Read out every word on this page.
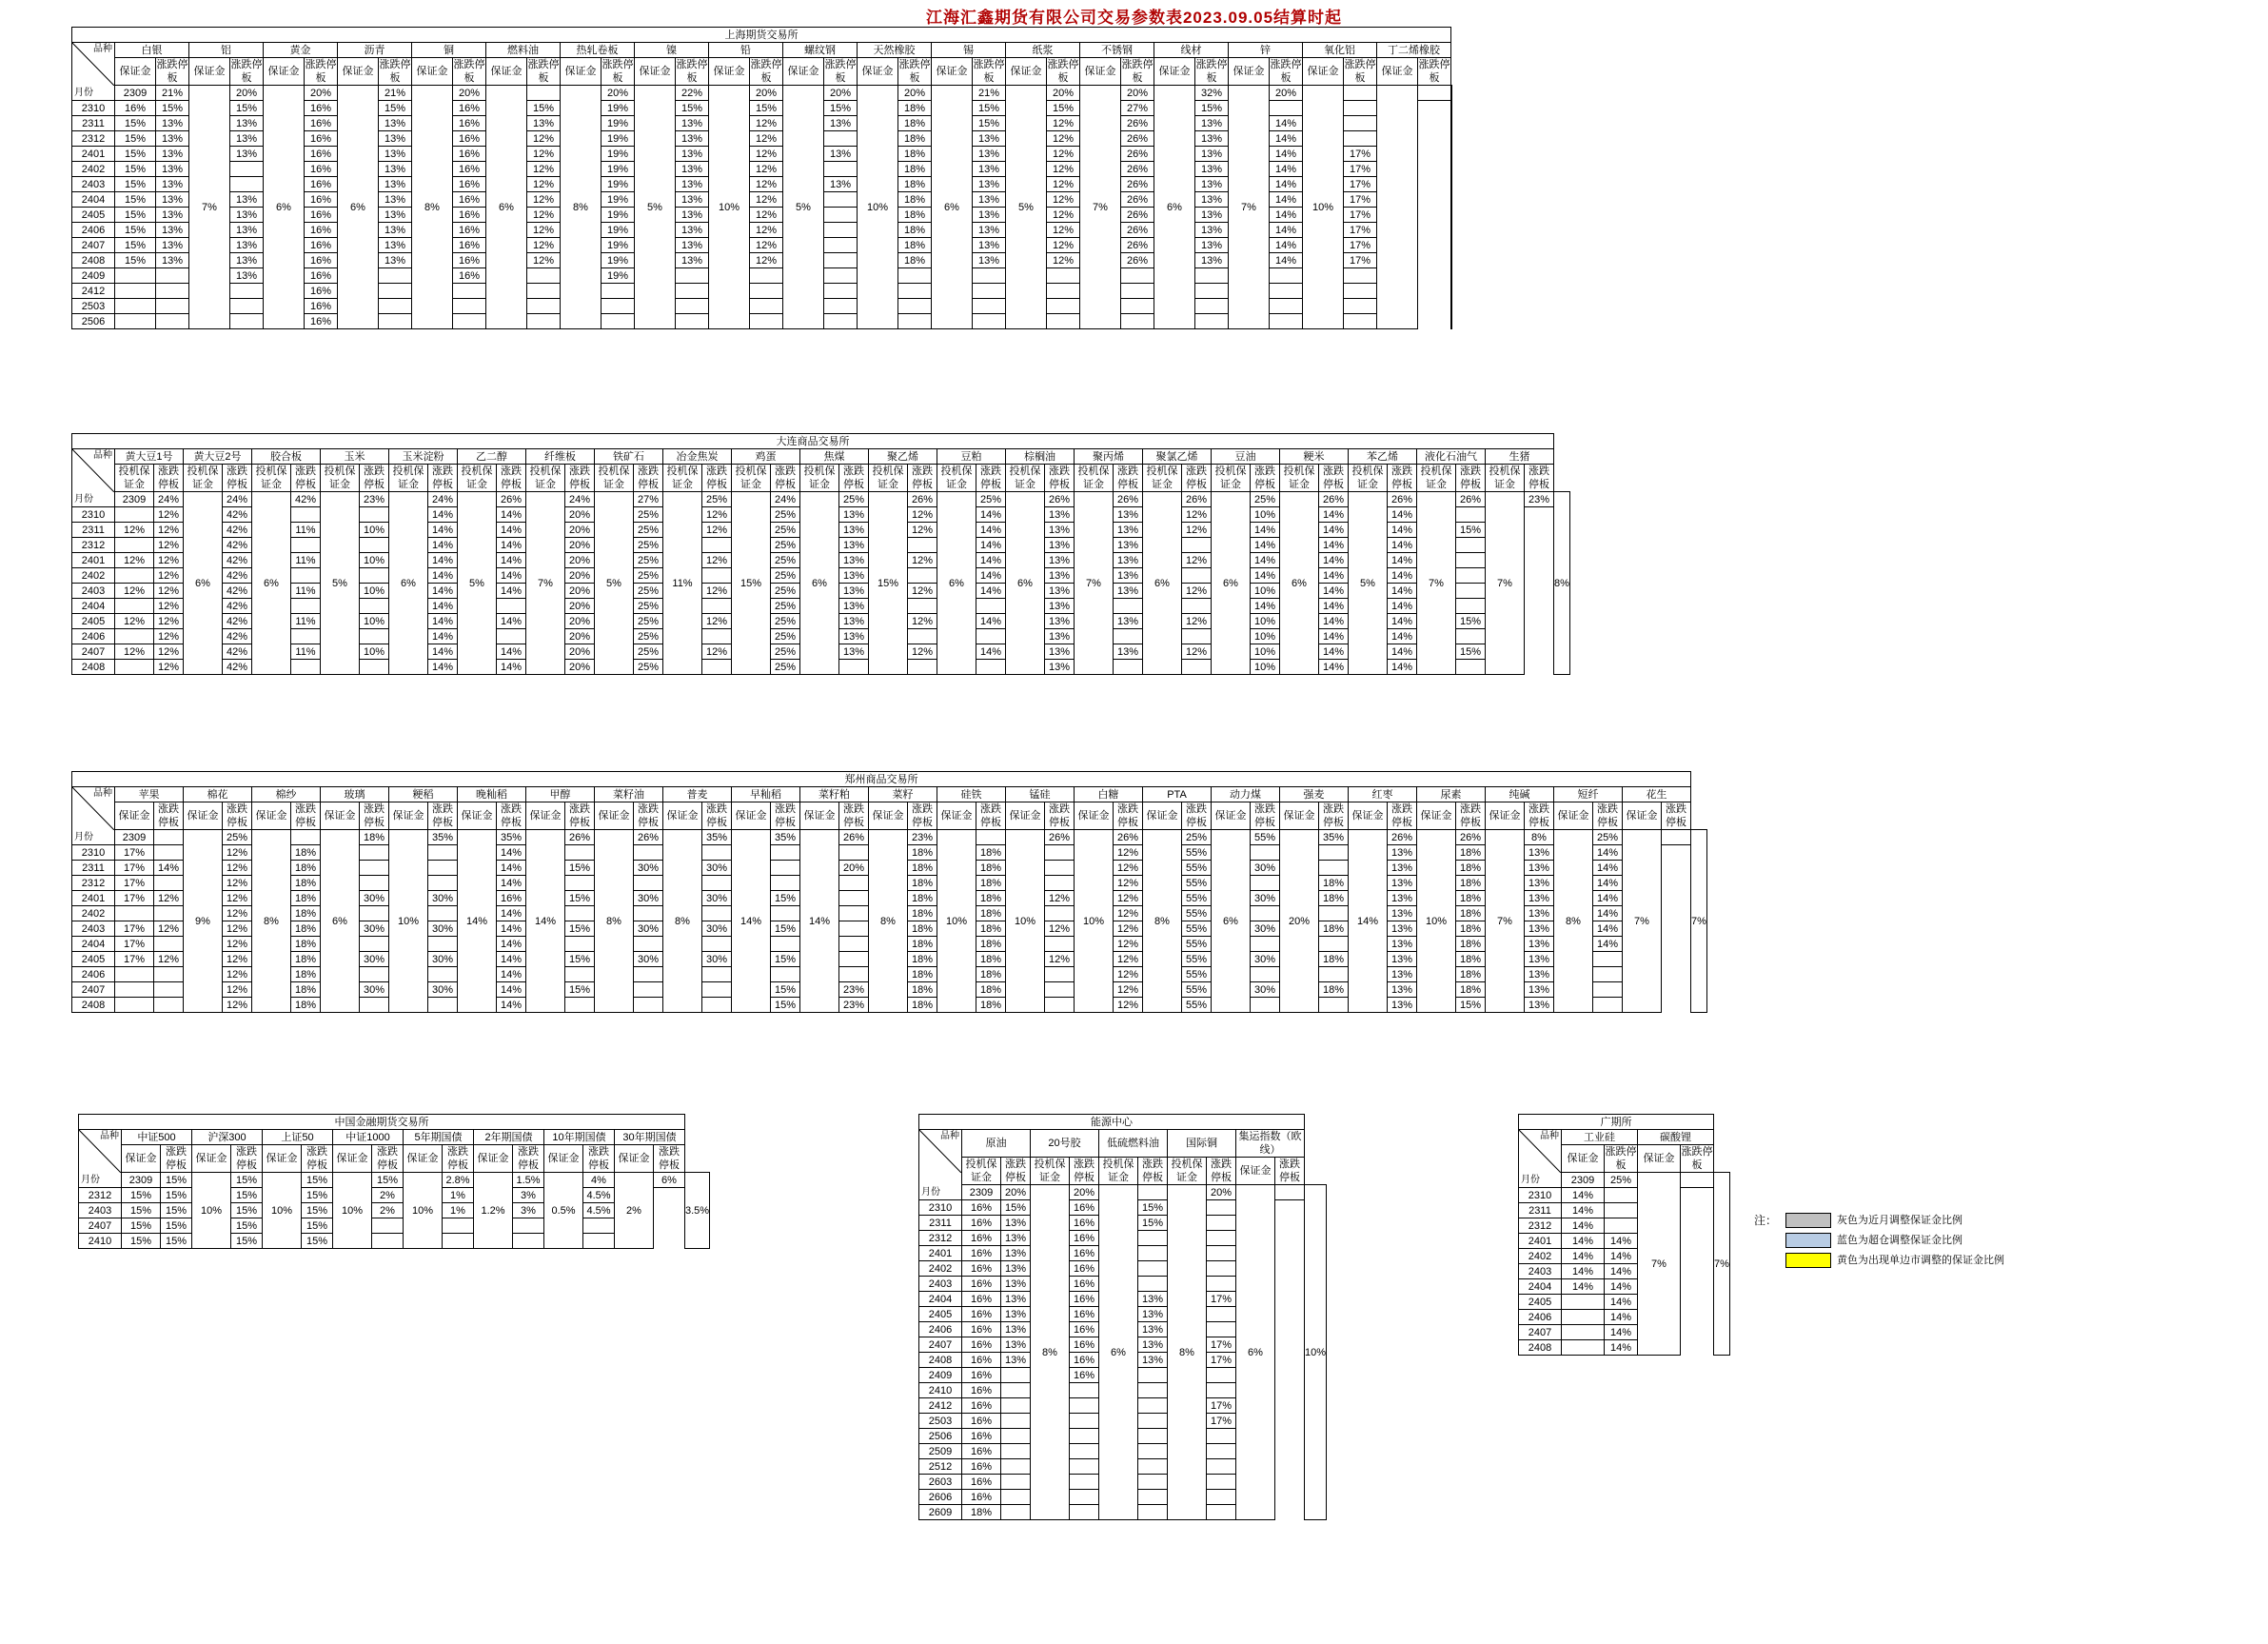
江海汇鑫期货有限公司交易参数表2023.09.05结算时起
上海期货交易所																																					

品种
月份	白银		铝		黄金		沥青		铜		燃料油		热轧卷板		镍		铅		螺纹钢		天然橡胶		锡		纸浆		不锈钢		线材		锌		氧化铝		丁二烯橡胶		
	保证金	涨跌停板	保证金	涨跌停板	保证金	涨跌停板	保证金	涨跌停板	保证金	涨跌停板	保证金	涨跌停板	保证金	涨跌停板	保证金	涨跌停板	保证金	涨跌停板	保证金	涨跌停板	保证金	涨跌停板	保证金	涨跌停板	保证金	涨跌停板	保证金	涨跌停板	保证金	涨跌停板	保证金	涨跌停板	保证金	涨跌停板	保证金	涨跌停板	
	2309	21%	7%	20%	6%	20%	6%	21%	8%	20%	6%		8%	20%	5%	22%	10%	20%	5%	20%	10%	20%	6%	21%	5%	20%	7%	20%	6%	32%	7%	20%	10%				
2310	16%	15%		15%		16%		15%		16%		15%		19%		15%		15%		15%		18%		15%		15%		27%		15%							
2311	15%	13%		13%		16%		13%		16%		13%		19%		13%		12%		13%		18%		15%		12%		26%		13%		14%					
2312	15%	13%		13%		16%		13%		16%		12%		19%		13%		12%				18%		13%		12%		26%		13%		14%					
2401	15%	13%		13%		16%		13%		16%		12%		19%		13%		12%		13%		18%		13%		12%		26%		13%		14%		17%			
2402	15%	13%				16%		13%		16%		12%		19%		13%		12%				18%		13%		12%		26%		13%		14%		17%			
2403	15%	13%				16%		13%		16%		12%		19%		13%		12%		13%		18%		13%		12%		26%		13%		14%		17%			
2404	15%	13%		13%		16%		13%		16%		12%		19%		13%		12%				18%		13%		12%		26%		13%		14%		17%			
2405	15%	13%		13%		16%		13%		16%		12%		19%		13%		12%				18%		13%		12%		26%		13%		14%		17%			
2406	15%	13%		13%		16%		13%		16%		12%		19%		13%		12%				18%		13%		12%		26%		13%		14%		17%			
2407	15%	13%		13%		16%		13%		16%		12%		19%		13%		12%				18%		13%		12%		26%		13%		14%		17%			
2408	15%	13%		13%		16%		13%		16%		12%		19%		13%		12%				18%		13%		12%		26%		13%		14%		17%			
2409				13%		16%				16%				19%																							
2412						16%																															
2503						16%																															
2506						16%																															
大连商品交易所																																											

品种
月份	黄大豆1号		黄大豆2号		胶合板		玉米		玉米淀粉		乙二醇		纤维板		铁矿石		冶金焦炭		鸡蛋		焦煤		聚乙烯		豆粕		棕榈油		聚丙烯		聚氯乙烯		豆油		粳米		苯乙烯		液化石油气		生猪		
	投机保证金	涨跌停板	投机保证金	涨跌停板	投机保证金	涨跌停板	投机保证金	涨跌停板	投机保证金	涨跌停板	投机保证金	涨跌停板	投机保证金	涨跌停板	投机保证金	涨跌停板	投机保证金	涨跌停板	投机保证金	涨跌停板	投机保证金	涨跌停板	投机保证金	涨跌停板	投机保证金	涨跌停板	投机保证金	涨跌停板	投机保证金	涨跌停板	投机保证金	涨跌停板	投机保证金	涨跌停板	投机保证金	涨跌停板	投机保证金	涨跌停板	投机保证金	涨跌停板	投机保证金	涨跌停板	
	2309	24%	6%	24%	6%	42%	5%	23%	6%	24%	5%	26%	7%	24%	5%	27%	11%	25%	15%	24%	6%	25%	15%	26%	6%	25%	6%	26%	7%	26%	6%	26%	6%	25%	6%	26%	5%	26%	7%	26%	7%	23%	8%
2310		12%		42%						14%		14%		20%		25%		12%		25%		13%		12%		14%		13%		13%		12%		10%		14%		14%					
2311	12%	12%		42%		11%		10%		14%		14%		20%		25%		12%		25%		13%		12%		14%		13%		13%		12%		14%		14%		14%		15%			
2312		12%		42%						14%		14%		20%		25%				25%		13%				14%		13%		13%				14%		14%		14%					
2401	12%	12%		42%		11%		10%		14%		14%		20%		25%		12%		25%		13%		12%		14%		13%		13%		12%		14%		14%		14%					
2402		12%		42%						14%		14%		20%		25%				25%		13%				14%		13%		13%				14%		14%		14%					
2403	12%	12%		42%		11%		10%		14%		14%		20%		25%		12%		25%		13%		12%		14%		13%		13%		12%		10%		14%		14%					
2404		12%		42%						14%				20%		25%				25%		13%						13%						14%		14%		14%					
2405	12%	12%		42%		11%		10%		14%		14%		20%		25%		12%		25%		13%		12%		14%		13%		13%		12%		10%		14%		14%		15%			
2406		12%		42%						14%				20%		25%				25%		13%						13%						10%		14%		14%					
2407	12%	12%		42%		11%		10%		14%		14%		20%		25%		12%		25%		13%		12%		14%		13%		13%		12%		10%		14%		14%		15%			
2408		12%		42%						14%		14%		20%		25%				25%								13%						10%		14%		14%					
郑州商品交易所																																															

品种
月份	苹果		棉花		棉纱		玻璃		粳稻		晚籼稻		甲醇		菜籽油		普麦		早籼稻		菜籽粕		菜籽		硅铁		锰硅		白糖		PTA		动力煤		强麦		红枣		尿素		纯碱		短纤		花生		
	保证金	涨跌停板	保证金	涨跌停板	保证金	涨跌停板	保证金	涨跌停板	保证金	涨跌停板	保证金	涨跌停板	保证金	涨跌停板	保证金	涨跌停板	保证金	涨跌停板	保证金	涨跌停板	保证金	涨跌停板	保证金	涨跌停板	保证金	涨跌停板	保证金	涨跌停板	保证金	涨跌停板	保证金	涨跌停板	保证金	涨跌停板	保证金	涨跌停板	保证金	涨跌停板	保证金	涨跌停板	保证金	涨跌停板	保证金	涨跌停板	保证金	涨跌停板	
	2309		9%	25%	8%		6%	18%	10%	35%	14%	35%	14%	26%	8%	26%	8%	35%	14%	35%	14%	26%	8%	23%	10%		10%	26%	10%	26%	8%	25%	6%	55%	20%	35%	14%	26%	10%	26%	7%	8%	8%	25%	7%		7%
2310	17%			12%		18%						14%												18%		18%				12%		55%						13%		18%		13%		14%			
2311	17%	14%		12%		18%						14%		15%		30%		30%				20%		18%		18%				12%		55%		30%				13%		18%		13%		14%			
2312	17%			12%		18%						14%												18%		18%				12%		55%				18%		13%		18%		13%		14%			
2401	17%	12%		12%		18%		30%		30%		16%		15%		30%		30%		15%				18%		18%		12%		12%		55%		30%		18%		13%		18%		13%		14%			
2402				12%		18%						14%												18%		18%				12%		55%						13%		18%		13%		14%			
2403	17%	12%		12%		18%		30%		30%		14%		15%		30%		30%		15%				18%		18%		12%		12%		55%		30%		18%		13%		18%		13%		14%			
2404	17%			12%		18%						14%												18%		18%				12%		55%						13%		18%		13%		14%			
2405	17%	12%		12%		18%		30%		30%		14%		15%		30%		30%		15%				18%		18%		12%		12%		55%		30%		18%		13%		18%		13%					
2406				12%		18%						14%												18%		18%				12%		55%						13%		18%		13%					
2407				12%		18%		30%		30%		14%		15%						15%		23%		18%		18%				12%		55%		30%		18%		13%		18%		13%					
2408				12%		18%						14%								15%		23%		18%		18%				12%		55%						13%		15%		13%					
中国金融期货交易所																	

品种
月份	中证500		沪深300		上证50		中证1000		5年期国债		2年期国债		10年期国债		30年期国债		
	保证金	涨跌停板	保证金	涨跌停板	保证金	涨跌停板	保证金	涨跌停板	保证金	涨跌停板	保证金	涨跌停板	保证金	涨跌停板	保证金	涨跌停板	
	2309	15%	10%	15%	10%	15%	10%	15%	10%	2.8%	1.2%	1.5%	0.5%	4%	2%	6%	3.5%
2312	15%	15%		15%		15%		2%		1%		3%		4.5%			
2403	15%	15%		15%		15%		2%		1%		3%		4.5%			
2407	15%	15%		15%		15%											
2410	15%	15%		15%		15%											
能源中心											

品种
月份	原油		20号胶		低硫燃料油		国际铜		集运指数（欧线）		
	投机保证金	涨跌停板	投机保证金	涨跌停板	投机保证金	涨跌停板	投机保证金	涨跌停板	保证金	涨跌停板	
	2309	20%	8%	20%	6%		8%	20%	6%		10%
2310	16%	15%		16%		15%					
2311	16%	13%		16%		15%					
2312	16%	13%		16%							
2401	16%	13%		16%							
2402	16%	13%		16%							
2403	16%	13%		16%							
2404	16%	13%		16%		13%		17%			
2405	16%	13%		16%		13%					
2406	16%	13%		16%		13%					
2407	16%	13%		16%		13%		17%			
2408	16%	13%		16%		13%		17%			
2409	16%			16%							
2410	16%										
2412	16%							17%			
2503	16%							17%			
2506	16%										
2509	16%										
2512	16%										
2603	16%										
2606	16%										
2609	18%										
广期所					

品种
月份	工业硅		碳酸锂		
	保证金	涨跌停板	保证金	涨跌停板	
	2309	25%	7%		7%
2310	14%				
2311	14%				
2312	14%				
2401	14%	14%			
2402	14%	14%			
2403	14%	14%			
2404	14%	14%			
2405		14%			
2406		14%			
2407		14%			
2408		14%			
注：	灰色为近月调整保证金比例
蓝色为超仓调整保证金比例
黄色为出现单边市调整的保证金比例
